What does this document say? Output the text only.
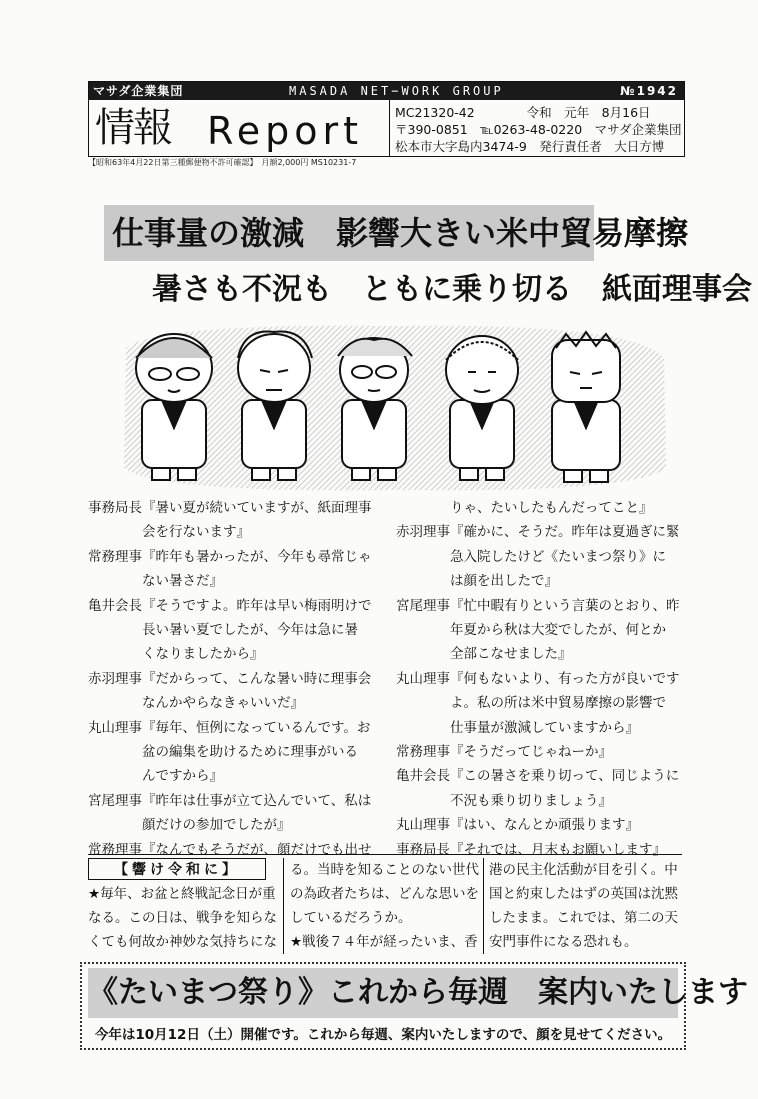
マサダ企業集団	MASADA NET−WORK GROUP	№1942
情報 Report	MC21320-42	令和　元年　8月16日
〒390-0851　℡0263-48-0220　マサダ企業集団
松本市大字島内3474-9　発行責任者　大日方博
【昭和63年4月22日第三種郵便物不許可確認】　月額2,000円 MS10231-7
仕事量の激減　影響大きい米中貿易摩擦
暑さも不況も　ともに乗り切る　紙面理事会
事務局長『暑い夏が続いていますが、紙面理事
　　　　会を行ないます』
常務理事『昨年も暑かったが、今年も尋常じゃ
　　　　ない暑さだ』
亀井会長『そうですよ。昨年は早い梅雨明けで
　　　　長い暑い夏でしたが、今年は急に暑
　　　　くなりましたから』
赤羽理事『だからって、こんな暑い時に理事会
　　　　なんかやらなきゃいいだ』
丸山理事『毎年、恒例になっているんです。お
　　　　盆の編集を助けるために理事がいる
　　　　んですから』
宮尾理事『昨年は仕事が立て込んでいて、私は
　　　　顔だけの参加でしたが』
常務理事『なんでもそうだが、顔だけでも出せ
　　　　りゃ、たいしたもんだってこと』
赤羽理事『確かに、そうだ。昨年は夏過ぎに緊
　　　　急入院したけど《たいまつ祭り》に
　　　　は顔を出したで』
宮尾理事『忙中暇有りという言葉のとおり、昨
　　　　年夏から秋は大変でしたが、何とか
　　　　全部こなせました』
丸山理事『何もないより、有った方が良いです
　　　　よ。私の所は米中貿易摩擦の影響で
　　　　仕事量が激減していますから』
常務理事『そうだってじゃねーか』
亀井会長『この暑さを乗り切って、同じように
　　　　不況も乗り切りましょう』
丸山理事『はい、なんとか頑張ります』
事務局長『それでは、月末もお願いします』
【響け令和に】
★毎年、お盆と終戦記念日が重
なる。この日は、戦争を知らな
くても何故か神妙な気持ちにな
る。当時を知ることのない世代
の為政者たちは、どんな思いを
しているだろうか。
★戦後７４年が経ったいま、香
港の民主化活動が目を引く。中
国と約束したはずの英国は沈黙
したまま。これでは、第二の天
安門事件になる恐れも。
《たいまつ祭り》これから毎週　案内いたします
今年は10月12日（土）開催です。これから毎週、案内いたしますので、顔を見せてください。
